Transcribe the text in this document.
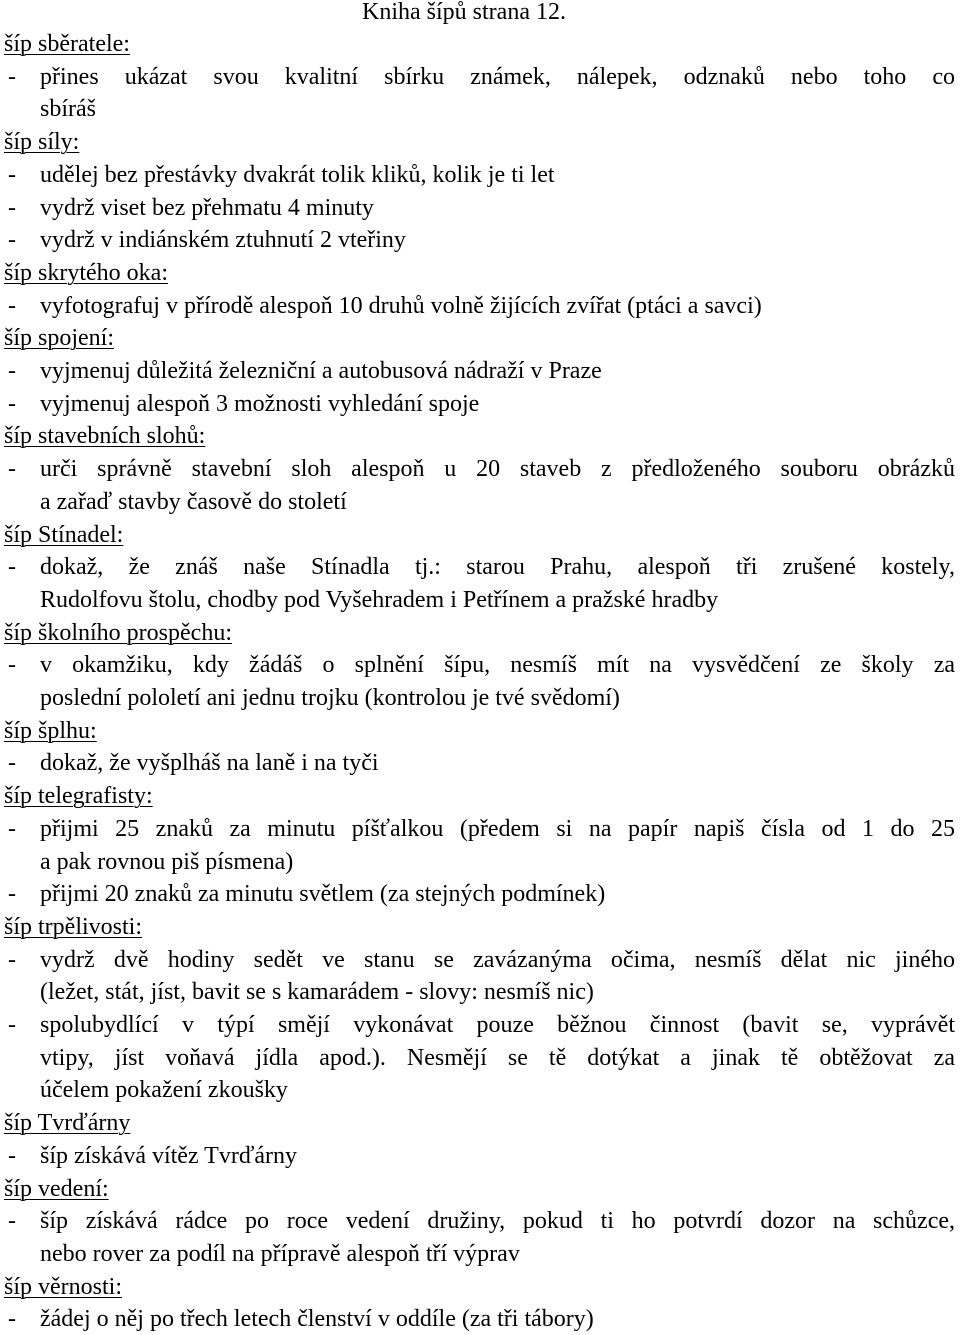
Kniha šípů strana 12.
šíp sběratele:
- přines ukázat svou kvalitní sbírku známek, nálepek, odznaků nebo toho co
sbíráš
šíp síly:
- udělej bez přestávky dvakrát tolik kliků, kolik je ti let
- vydrž viset bez přehmatu 4 minuty
- vydrž v indiánském ztuhnutí 2 vteřiny
šíp skrytého oka:
- vyfotografuj v přírodě alespoň 10 druhů volně žijících zvířat (ptáci a savci)
šíp spojení:
- vyjmenuj důležitá železniční a autobusová nádraží v Praze
- vyjmenuj alespoň 3 možnosti vyhledání spoje
šíp stavebních slohů:
- urči správně stavební sloh alespoň u 20 staveb z předloženého souboru obrázků
a zařaď stavby časově do století
šíp Stínadel:
- dokaž, že znáš naše Stínadla tj.: starou Prahu, alespoň tři zrušené kostely,
Rudolfovu štolu, chodby pod Vyšehradem i Petřínem a pražské hradby
šíp školního prospěchu:
- v okamžiku, kdy žádáš o splnění šípu, nesmíš mít na vysvědčení ze školy za
poslední pololetí ani jednu trojku (kontrolou je tvé svědomí)
šíp šplhu:
- dokaž, že vyšplháš na laně i na tyči
šíp telegrafisty:
- přijmi 25 znaků za minutu píšťalkou (předem si na papír napiš čísla od 1 do 25
a pak rovnou piš písmena)
- přijmi 20 znaků za minutu světlem (za stejných podmínek)
šíp trpělivosti:
- vydrž dvě hodiny sedět ve stanu se zavázanýma očima, nesmíš dělat nic jiného
(ležet, stát, jíst, bavit se s kamarádem - slovy: nesmíš nic)
- spolubydlící v týpí smějí vykonávat pouze běžnou činnost (bavit se, vyprávět
vtipy, jíst voňavá jídla apod.). Nesmějí se tě dotýkat a jinak tě obtěžovat za
účelem pokažení zkoušky
šíp Tvrďárny
- šíp získává vítěz Tvrďárny
šíp vedení:
- šíp získává rádce po roce vedení družiny, pokud ti ho potvrdí dozor na schůzce,
nebo rover za podíl na přípravě alespoň tří výprav
šíp věrnosti:
- žádej o něj po třech letech členství v oddíle (za tři tábory)
